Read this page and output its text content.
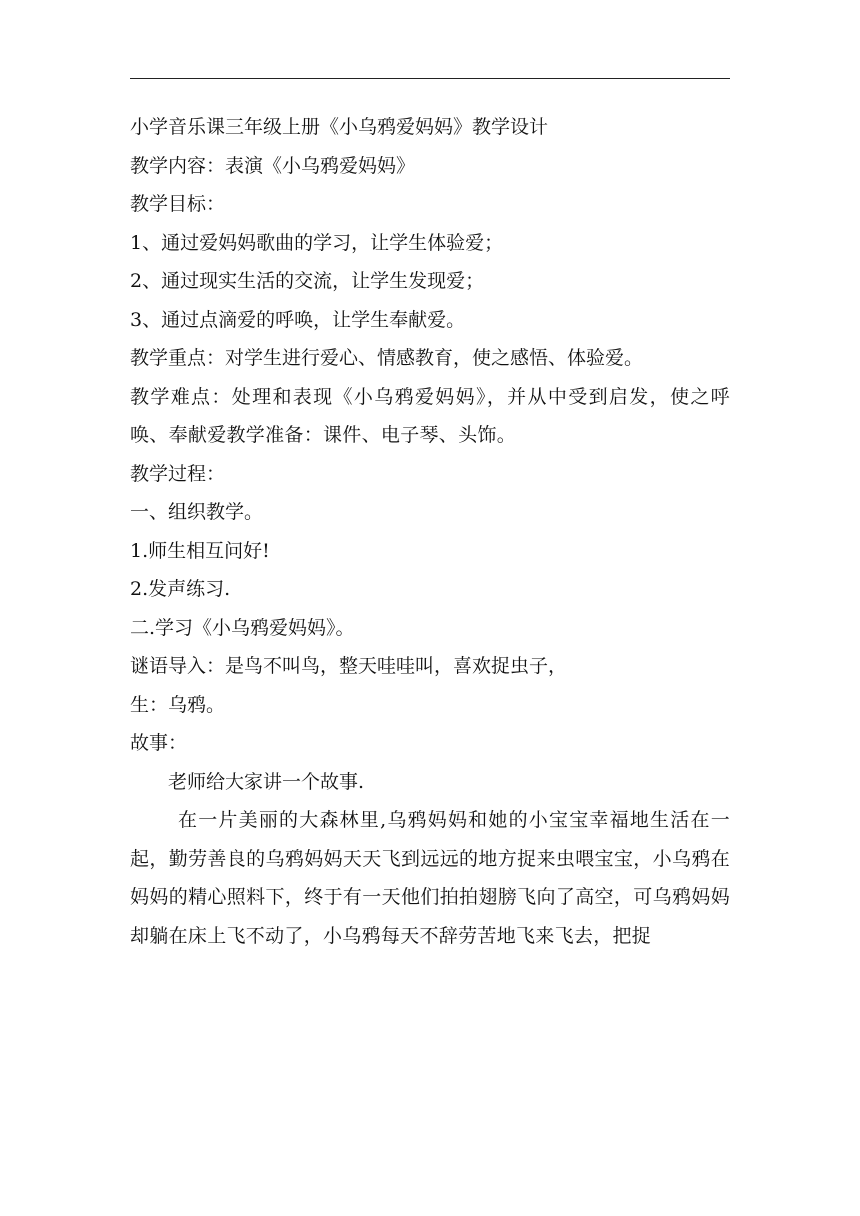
小学音乐课三年级上册《小乌鸦爱妈妈》教学设计

教学内容：表演《小乌鸦爱妈妈》

教学目标：

1、通过爱妈妈歌曲的学习，让学生体验爱；

2、通过现实生活的交流，让学生发现爱；

3、通过点滴爱的呼唤，让学生奉献爱。

教学重点：对学生进行爱心、情感教育，使之感悟、体验爱。

教学难点：处理和表现《小乌鸦爱妈妈》，并从中受到启发，使之呼唤、奉献爱教学准备：课件、电子琴、头饰。

教学过程：

一、组织教学。

1.师生相互问好!

2.发声练习.

二.学习《小乌鸦爱妈妈》。

谜语导入：是鸟不叫鸟，整天哇哇叫，喜欢捉虫子，

生：乌鸦。

故事：

老师给大家讲一个故事.

在一片美丽的大森林里,乌鸦妈妈和她的小宝宝幸福地生活在一起，勤劳善良的乌鸦妈妈天天飞到远远的地方捉来虫喂宝宝，小乌鸦在妈妈的精心照料下，终于有一天他们拍拍翅膀飞向了高空，可乌鸦妈妈却躺在床上飞不动了，小乌鸦每天不辞劳苦地飞来飞去，把捉
